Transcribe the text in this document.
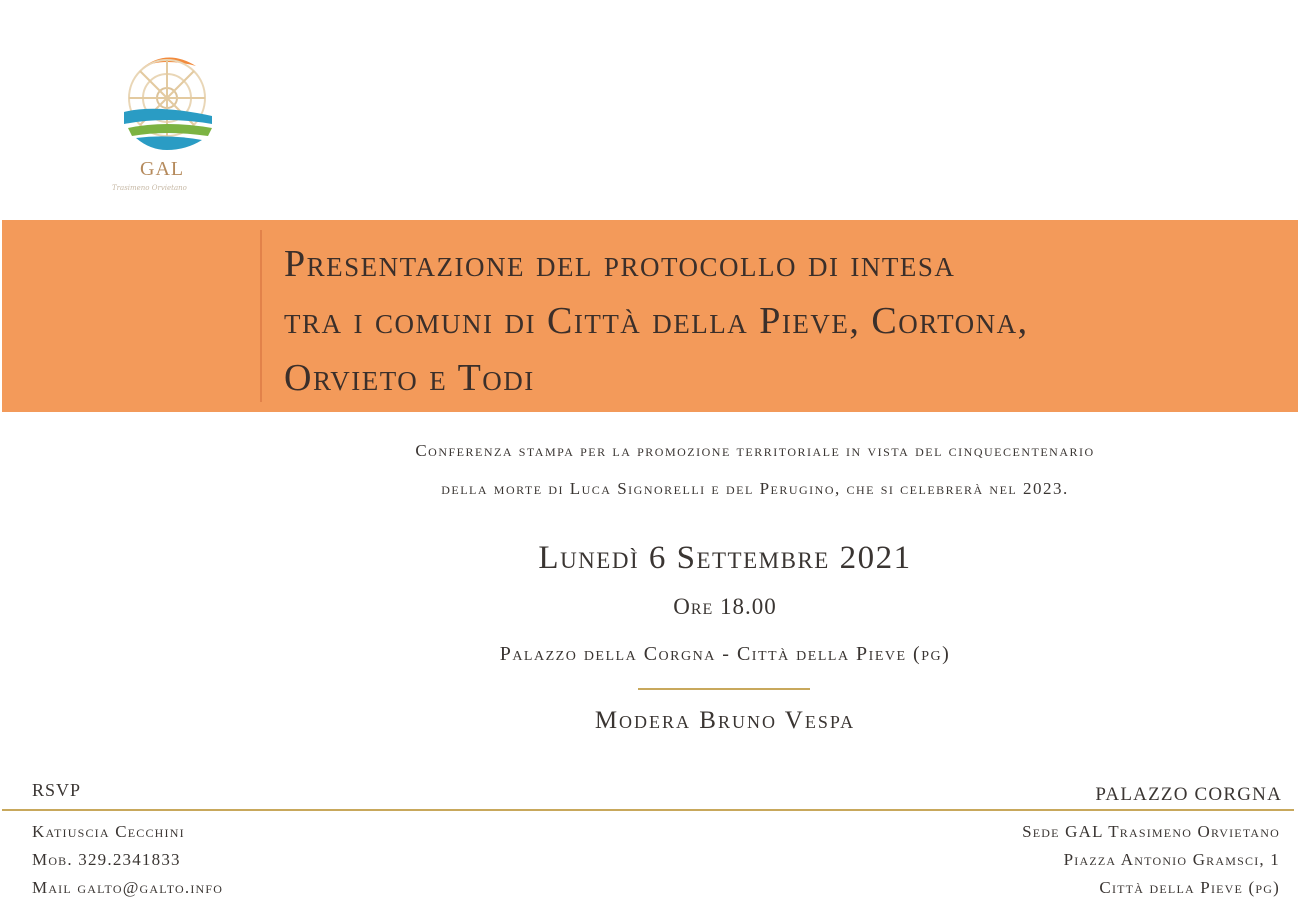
GAL
Trasimeno Orvietano
Presentazione del protocollo di intesa
tra i comuni di Città della Pieve, Cortona,
Orvieto e Todi
Conferenza stampa per la promozione territoriale in vista del cinquecentenario
della morte di Luca Signorelli e del Perugino, che si celebrerà nel 2023.
Lunedì 6 Settembre 2021
Ore 18.00
Palazzo della Corgna - Città della Pieve (pg)
Modera Bruno Vespa
RSVP	PALAZZO CORGNA
Katiuscia Cecchini
Mob. 329.2341833
Mail galto@galto.info
Sede GAL Trasimeno Orvietano
Piazza Antonio Gramsci, 1
Città della Pieve (pg)
